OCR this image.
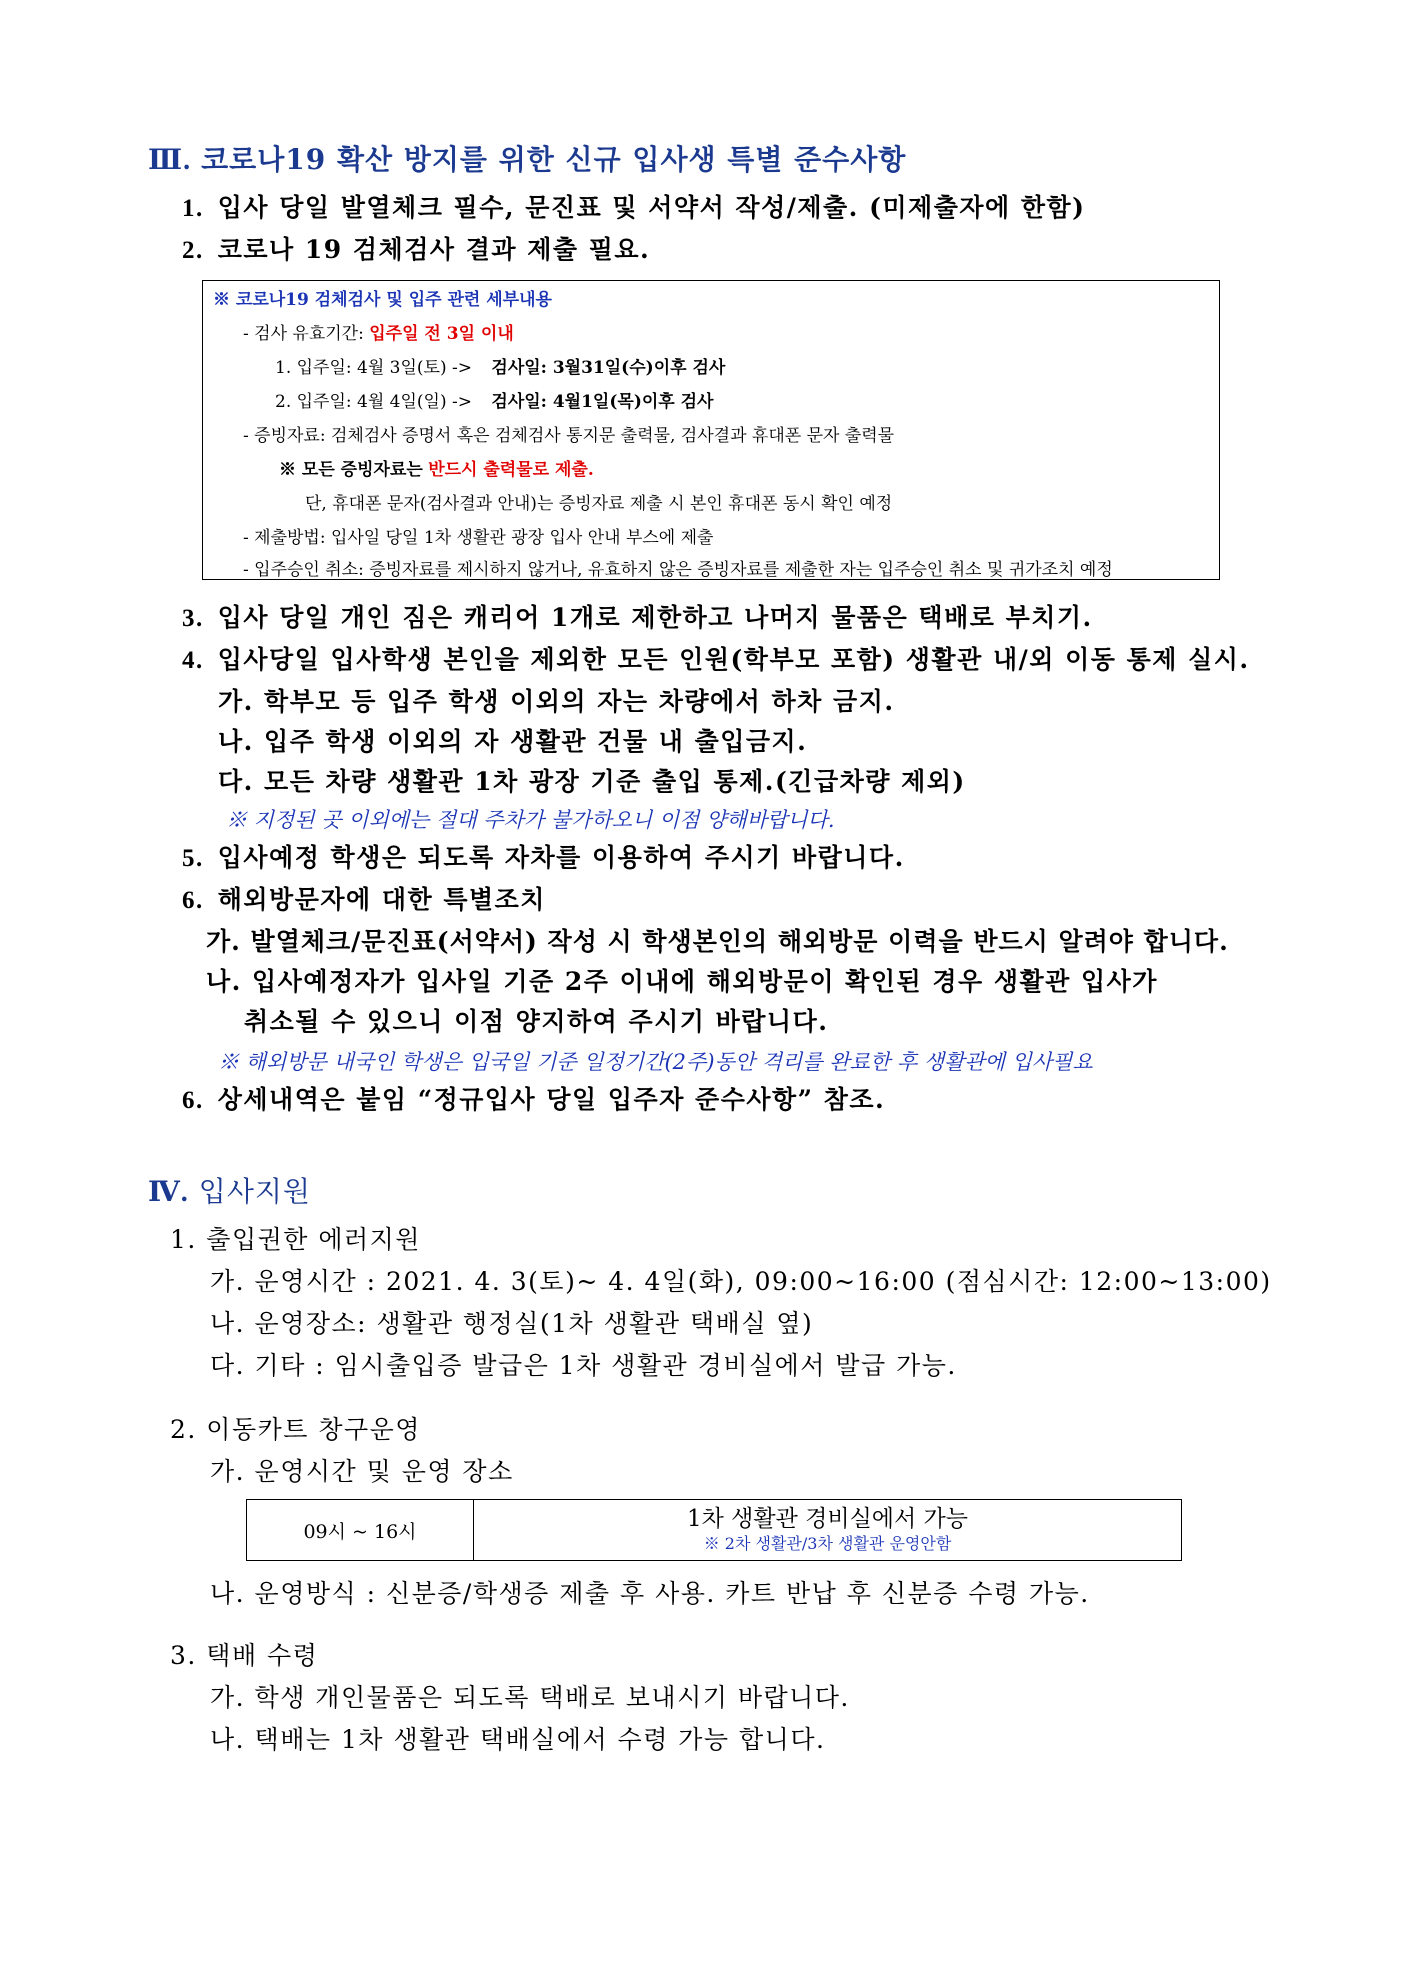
Ⅲ. 코로나19 확산 방지를 위한 신규 입사생 특별 준수사항
1. 입사 당일 발열체크 필수, 문진표 및 서약서 작성/제출. (미제출자에 한함)
2. 코로나 19 검체검사 결과 제출 필요.
※ 코로나19 검체검사 및 입주 관련 세부내용
- 검사 유효기간: 입주일 전 3일 이내
1. 입주일: 4월 3일(토) -> 검사일: 3월31일(수)이후 검사
2. 입주일: 4월 4일(일) -> 검사일: 4월1일(목)이후 검사
- 증빙자료: 검체검사 증명서 혹은 검체검사 통지문 출력물, 검사결과 휴대폰 문자 출력물
※ 모든 증빙자료는 반드시 출력물로 제출.
단, 휴대폰 문자(검사결과 안내)는 증빙자료 제출 시 본인 휴대폰 동시 확인 예정
- 제출방법: 입사일 당일 1차 생활관 광장 입사 안내 부스에 제출
- 입주승인 취소: 증빙자료를 제시하지 않거나, 유효하지 않은 증빙자료를 제출한 자는 입주승인 취소 및 귀가조치 예정
3. 입사 당일 개인 짐은 캐리어 1개로 제한하고 나머지 물품은 택배로 부치기.
4. 입사당일 입사학생 본인을 제외한 모든 인원(학부모 포함) 생활관 내/외 이동 통제 실시.
가. 학부모 등 입주 학생 이외의 자는 차량에서 하차 금지.
나. 입주 학생 이외의 자 생활관 건물 내 출입금지.
다. 모든 차량 생활관 1차 광장 기준 출입 통제.(긴급차량 제외)
※ 지정된 곳 이외에는 절대 주차가 불가하오니 이점 양해바랍니다.
5. 입사예정 학생은 되도록 자차를 이용하여 주시기 바랍니다.
6. 해외방문자에 대한 특별조치
가. 발열체크/문진표(서약서) 작성 시 학생본인의 해외방문 이력을 반드시 알려야 합니다.
나. 입사예정자가 입사일 기준 2주 이내에 해외방문이 확인된 경우 생활관 입사가
취소될 수 있으니 이점 양지하여 주시기 바랍니다.
※ 해외방문 내국인 학생은 입국일 기준 일정기간(2주)동안 격리를 완료한 후 생활관에 입사필요
6. 상세내역은 붙임 “정규입사 당일 입주자 준수사항” 참조.
Ⅳ. 입사지원
1. 출입권한 에러지원
가. 운영시간 : 2021. 4. 3(토)~ 4. 4일(화), 09:00~16:00 (점심시간: 12:00~13:00)
나. 운영장소: 생활관 행정실(1차 생활관 택배실 옆)
다. 기타 : 임시출입증 발급은 1차 생활관 경비실에서 발급 가능.
2. 이동카트 창구운영
가. 운영시간 및 운영 장소
09시 ~ 16시	1차 생활관 경비실에서 가능
※ 2차 생활관/3차 생활관 운영안함
나. 운영방식 : 신분증/학생증 제출 후 사용. 카트 반납 후 신분증 수령 가능.
3. 택배 수령
가. 학생 개인물품은 되도록 택배로 보내시기 바랍니다.
나. 택배는 1차 생활관 택배실에서 수령 가능 합니다.
